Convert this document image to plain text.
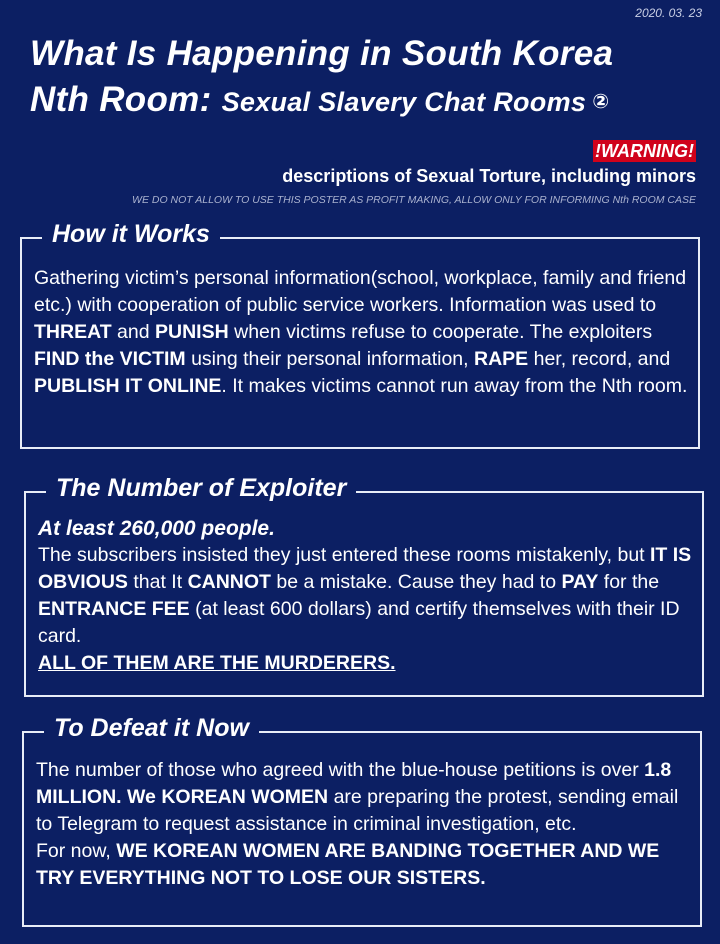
2020. 03. 23
What Is Happening in South Korea
Nth Room: Sexual Slavery Chat Rooms ②
!WARNING!
descriptions of Sexual Torture, including minors
WE DO NOT ALLOW TO USE THIS POSTER AS PROFIT MAKING, ALLOW ONLY FOR INFORMING Nth ROOM CASE
How it Works

Gathering victim’s personal information(school, workplace, family and friend etc.) with cooperation of public service workers. Information was used to THREAT and PUNISH when victims refuse to cooperate. The exploiters FIND the VICTIM using their personal information, RAPE her, record, and PUBLISH IT ONLINE. It makes victims cannot run away from the Nth room.

The Number of Exploiter

At least 260,000 people.

The subscribers insisted they just entered these rooms mistakenly, but IT IS OBVIOUS that It CANNOT be a mistake. Cause they had to PAY for the ENTRANCE FEE (at least 600 dollars) and certify themselves with their ID card.

ALL OF THEM ARE THE MURDERERS.

To Defeat it Now

The number of those who agreed with the blue-house petitions is over 1.8 MILLION. We KOREAN WOMEN are preparing the protest, sending email to Telegram to request assistance in criminal investigation, etc.

For now, WE KOREAN WOMEN ARE BANDING TOGETHER AND WE TRY EVERYTHING NOT TO LOSE OUR SISTERS.
